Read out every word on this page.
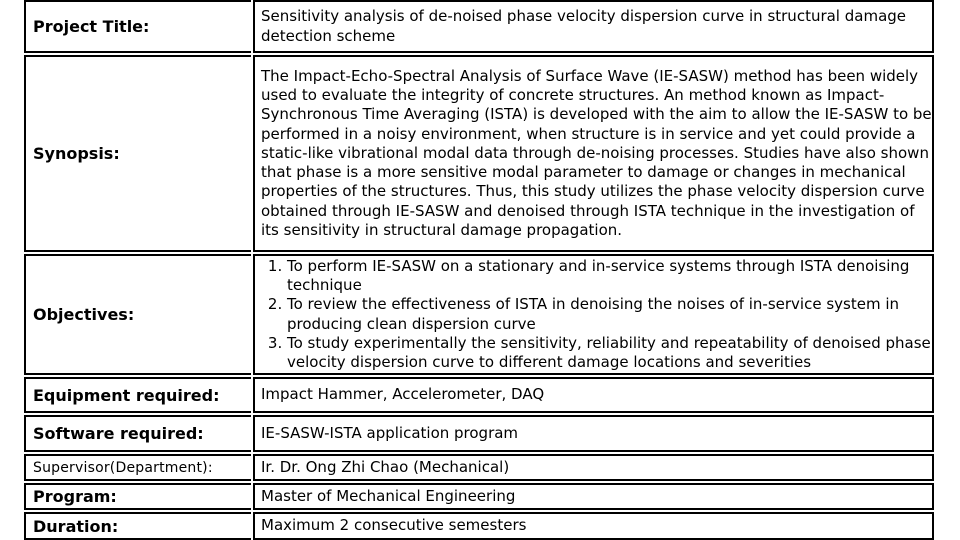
Project Title:
Sensitivity analysis of de-noised phase velocity dispersion curve in structural damage detection scheme
Synopsis:
The Impact-Echo-Spectral Analysis of Surface Wave (IE-SASW) method has been widely used to evaluate the integrity of concrete structures. An method known as Impact-Synchronous Time Averaging (ISTA) is developed with the aim to allow the IE-SASW to be performed in a noisy environment, when structure is in service and yet could provide a static-like vibrational modal data through de-noising processes. Studies have also shown that phase is a more sensitive modal parameter to damage or changes in mechanical properties of the structures. Thus, this study utilizes the phase velocity dispersion curve obtained through IE-SASW and denoised through ISTA technique in the investigation of its sensitivity in structural damage propagation.
Objectives:
1. To perform IE-SASW on a stationary and in-service systems through ISTA denoising technique
2. To review the effectiveness of ISTA in denoising the noises of in-service system in producing clean dispersion curve
3. To study experimentally the sensitivity, reliability and repeatability of denoised phase velocity dispersion curve to different damage locations and severities
Equipment required:	Impact Hammer, Accelerometer, DAQ
Software required:	IE-SASW-ISTA application program
Supervisor(Department):	Ir. Dr. Ong Zhi Chao (Mechanical)
Program:	Master of Mechanical Engineering
Duration:	Maximum 2 consecutive semesters
